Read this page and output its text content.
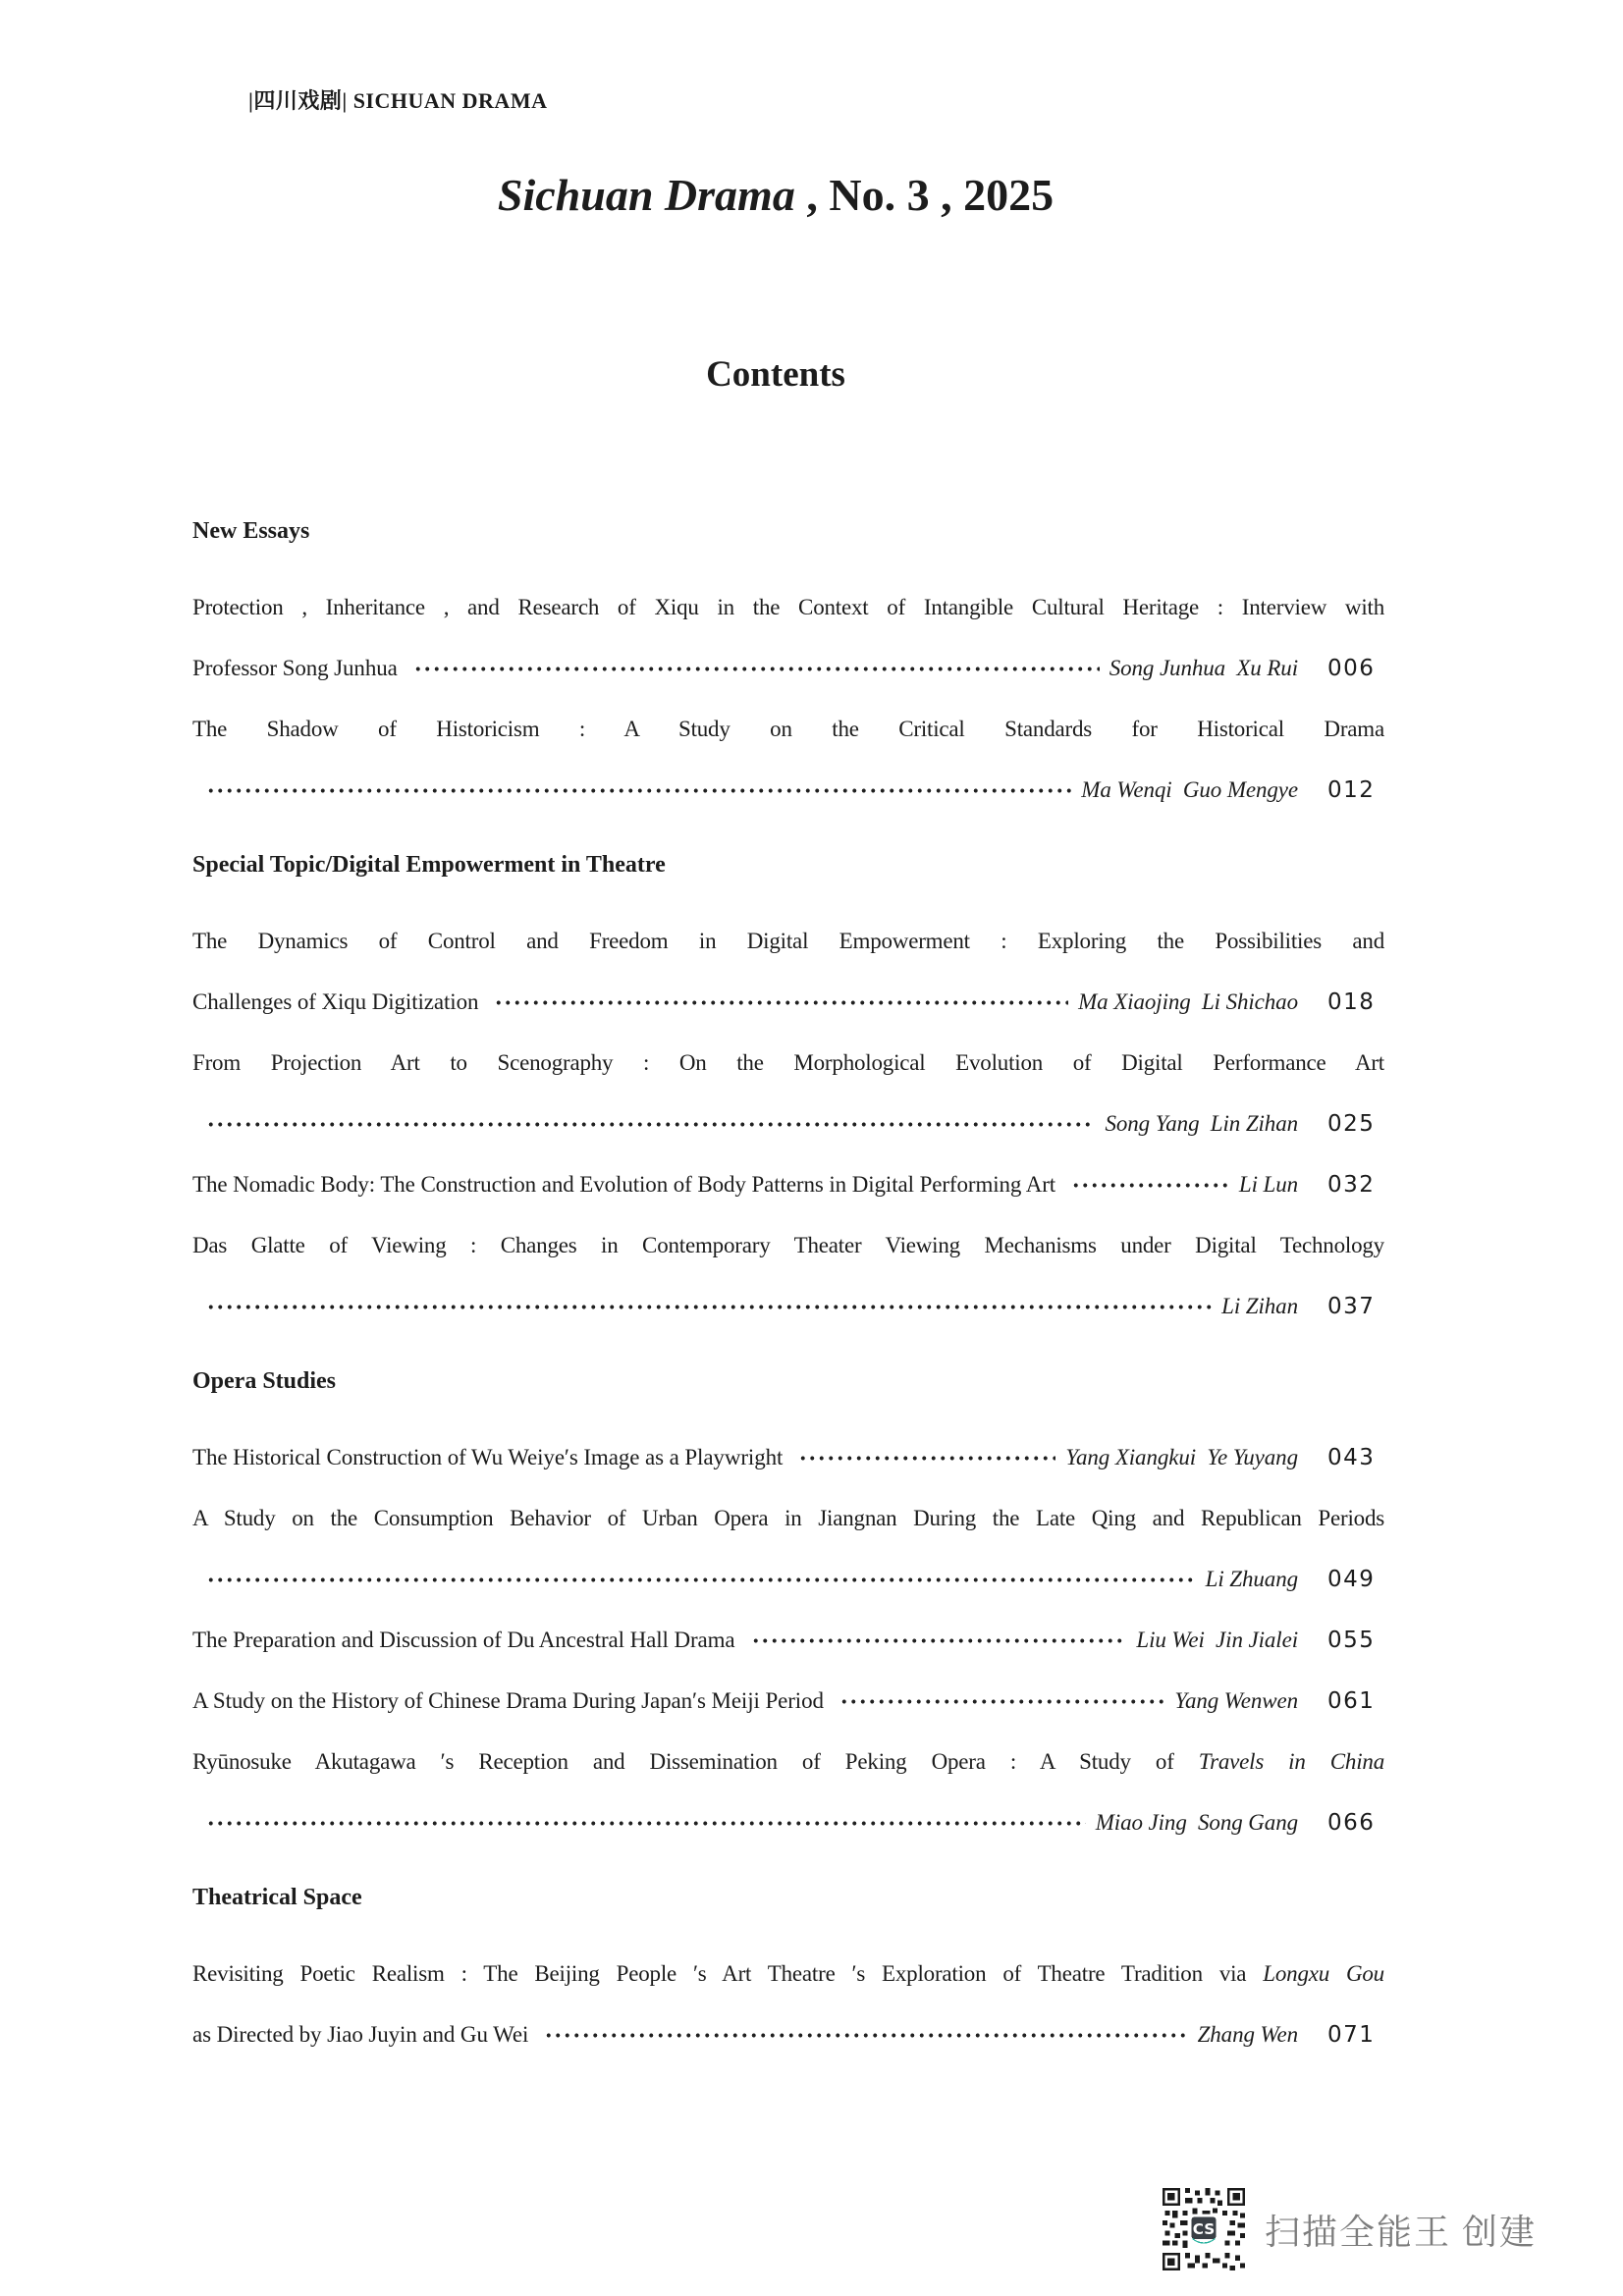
|四川戏剧| SICHUAN DRAMA
Sichuan Drama , No. 3 , 2025
Contents
New Essays
Protection , Inheritance , and Research of Xiqu in the Context of Intangible Cultural Heritage : Interview with
Professor Song Junhua	Song Junhua  Xu Rui 006
The Shadow of Historicism : A Study on the Critical Standards for Historical Drama
Ma Wenqi  Guo Mengye 012
Special Topic/Digital Empowerment in Theatre
The Dynamics of Control and Freedom in Digital Empowerment : Exploring the Possibilities and
Challenges of Xiqu Digitization	Ma Xiaojing  Li Shichao 018
From Projection Art to Scenography : On the Morphological Evolution of Digital Performance Art
Song Yang  Lin Zihan 025
The Nomadic Body: The Construction and Evolution of Body Patterns in Digital Performing Art	Li Lun 032
Das Glatte of Viewing : Changes in Contemporary Theater Viewing Mechanisms under Digital Technology
Li Zihan 037
Opera Studies
The Historical Construction of Wu Weiye′s Image as a Playwright	Yang Xiangkui  Ye Yuyang 043
A Study on the Consumption Behavior of Urban Opera in Jiangnan During the Late Qing and Republican Periods
Li Zhuang 049
The Preparation and Discussion of Du Ancestral Hall Drama	Liu Wei  Jin Jialei 055
A Study on the History of Chinese Drama During Japan′s Meiji Period	Yang Wenwen 061
Ryūnosuke Akutagawa ′s Reception and Dissemination of Peking Opera : A Study of Travels in China
Miao Jing  Song Gang 066
Theatrical Space
Revisiting Poetic Realism : The Beijing People ′s Art Theatre ′s Exploration of Theatre Tradition via Longxu Gou
as Directed by Jiao Juyin and Gu Wei	Zhang Wen 071
CS 扫描全能王 创建
